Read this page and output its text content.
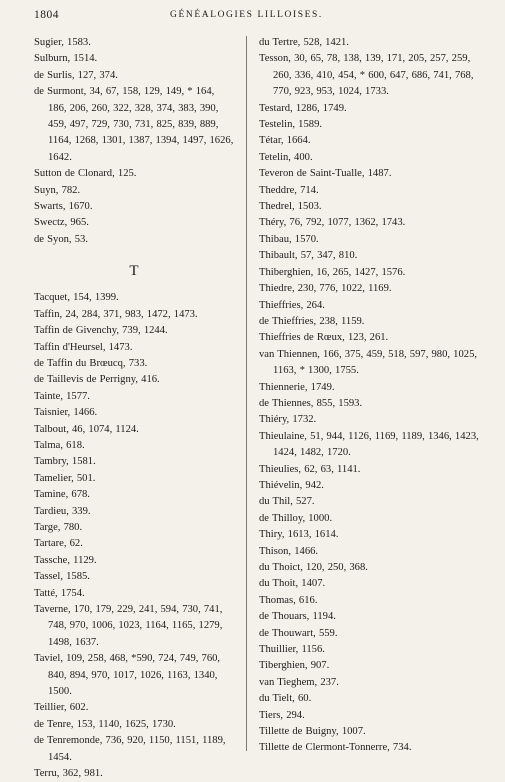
1804	GÉNÉALOGIES LILLOISES.
Sugier, 1583.
Sulburn, 1514.
de Surlis, 127, 374.
de Surmont, 34, 67, 158, 129, 149, * 164, 186, 206, 260, 322, 328, 374, 383, 390, 459, 497, 729, 730, 731, 825, 839, 889, 1164, 1268, 1301, 1387, 1394, 1497, 1626, 1642.
Sutton de Clonard, 125.
Suyn, 782.
Swarts, 1670.
Swectz, 965.
de Syon, 53.
T
Tacquet, 154, 1399.
Taffin, 24, 284, 371, 983, 1472, 1473.
Taffin de Givenchy, 739, 1244.
Taffin d'Heursel, 1473.
de Taffin du Brœucq, 733.
de Taillevis de Perrigny, 416.
Tainte, 1577.
Taisnier, 1466.
Talbout, 46, 1074, 1124.
Talma, 618.
Tambry, 1581.
Tamelier, 501.
Tamine, 678.
Tardieu, 339.
Targe, 780.
Tartare, 62.
Tassche, 1129.
Tassel, 1585.
Tatté, 1754.
Taverne, 170, 179, 229, 241, 594, 730, 741, 748, 970, 1006, 1023, 1164, 1165, 1279, 1498, 1637.
Taviel, 109, 258, 468, *590, 724, 749, 760, 840, 894, 970, 1017, 1026, 1163, 1340, 1500.
Teillier, 602.
de Tenre, 153, 1140, 1625, 1730.
de Tenremonde, 736, 920, 1150, 1151, 1189, 1454.
Terru, 362, 981.
du Tertre, 528, 1421.
Tesson, 30, 65, 78, 138, 139, 171, 205, 257, 259, 260, 336, 410, 454, * 600, 647, 686, 741, 768, 770, 923, 953, 1024, 1733.
Testard, 1286, 1749.
Testelin, 1589.
Tétar, 1664.
Tetelin, 400.
Teveron de Saint-Tualle, 1487.
Theddre, 714.
Thedrel, 1503.
Théry, 76, 792, 1077, 1362, 1743.
Thibau, 1570.
Thibault, 57, 347, 810.
Thiberghien, 16, 265, 1427, 1576.
Thiedre, 230, 776, 1022, 1169.
Thieffries, 264.
de Thieffries, 238, 1159.
Thieffries de Rœux, 123, 261.
van Thiennen, 166, 375, 459, 518, 597, 980, 1025, 1163, * 1300, 1755.
Thiennerie, 1749.
de Thiennes, 855, 1593.
Thiéry, 1732.
Thieulaine, 51, 944, 1126, 1169, 1189, 1346, 1423, 1424, 1482, 1720.
Thieulies, 62, 63, 1141.
Thiévelin, 942.
du Thil, 527.
de Thilloy, 1000.
Thiry, 1613, 1614.
Thison, 1466.
du Thoict, 120, 250, 368.
du Thoit, 1407.
Thomas, 616.
de Thouars, 1194.
de Thouwart, 559.
Thuillier, 1156.
Tiberghien, 907.
van Tieghem, 237.
du Tielt, 60.
Tiers, 294.
Tillette de Buigny, 1007.
Tillette de Clermont-Tonnerre, 734.
